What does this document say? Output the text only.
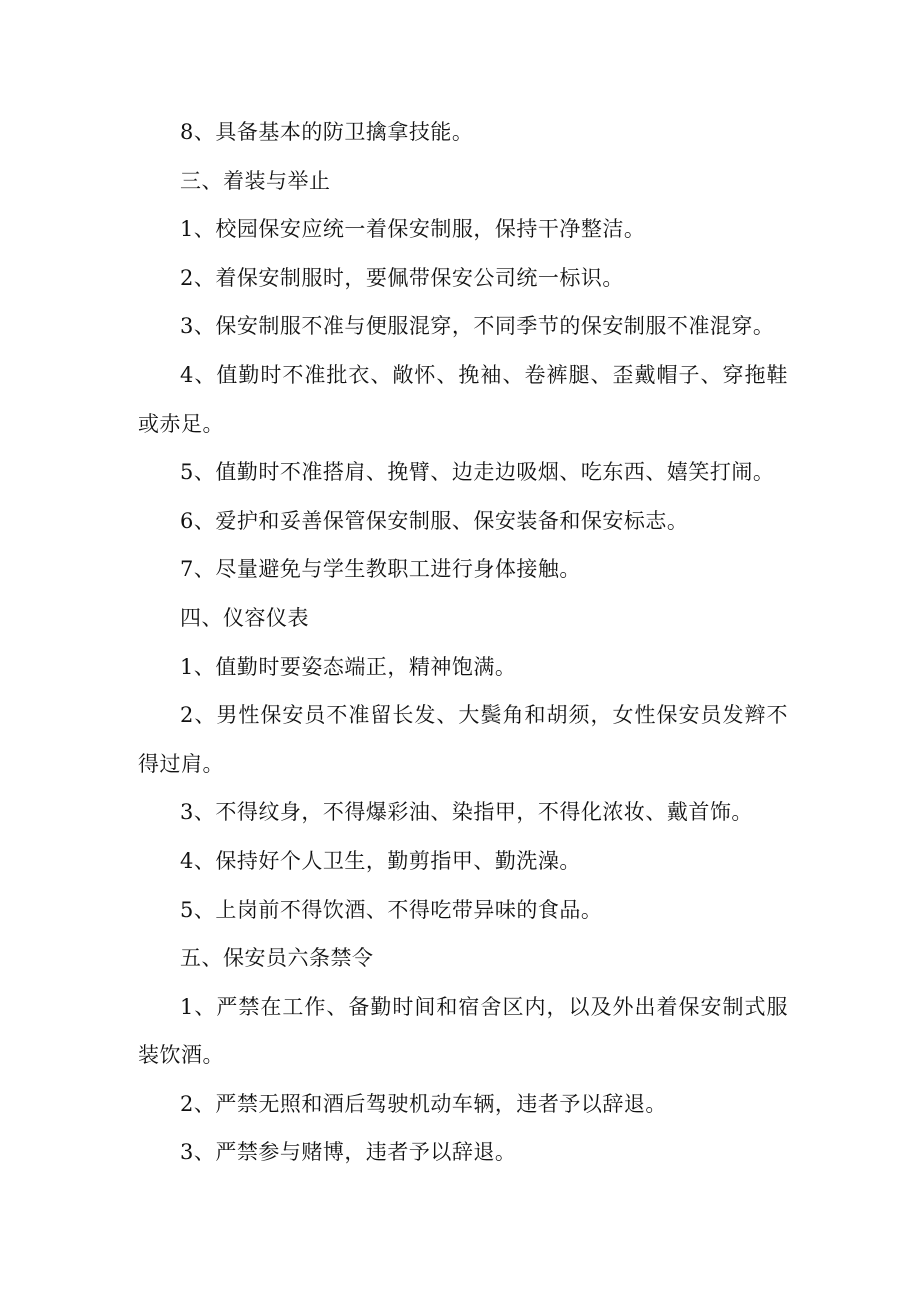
8、具备基本的防卫擒拿技能。

三、着装与举止

1、校园保安应统一着保安制服，保持干净整洁。

2、着保安制服时，要佩带保安公司统一标识。

3、保安制服不准与便服混穿，不同季节的保安制服不准混穿。

4、值勤时不准批衣、敞怀、挽袖、卷裤腿、歪戴帽子、穿拖鞋或赤足。

5、值勤时不准搭肩、挽臂、边走边吸烟、吃东西、嬉笑打闹。

6、爱护和妥善保管保安制服、保安装备和保安标志。

7、尽量避免与学生教职工进行身体接触。

四、仪容仪表

1、值勤时要姿态端正，精神饱满。

2、男性保安员不准留长发、大鬓角和胡须，女性保安员发辫不得过肩。

3、不得纹身，不得爆彩油、染指甲，不得化浓妆、戴首饰。

4、保持好个人卫生，勤剪指甲、勤洗澡。

5、上岗前不得饮酒、不得吃带异味的食品。

五、保安员六条禁令

1、严禁在工作、备勤时间和宿舍区内，以及外出着保安制式服装饮酒。

2、严禁无照和酒后驾驶机动车辆，违者予以辞退。

3、严禁参与赌博，违者予以辞退。
